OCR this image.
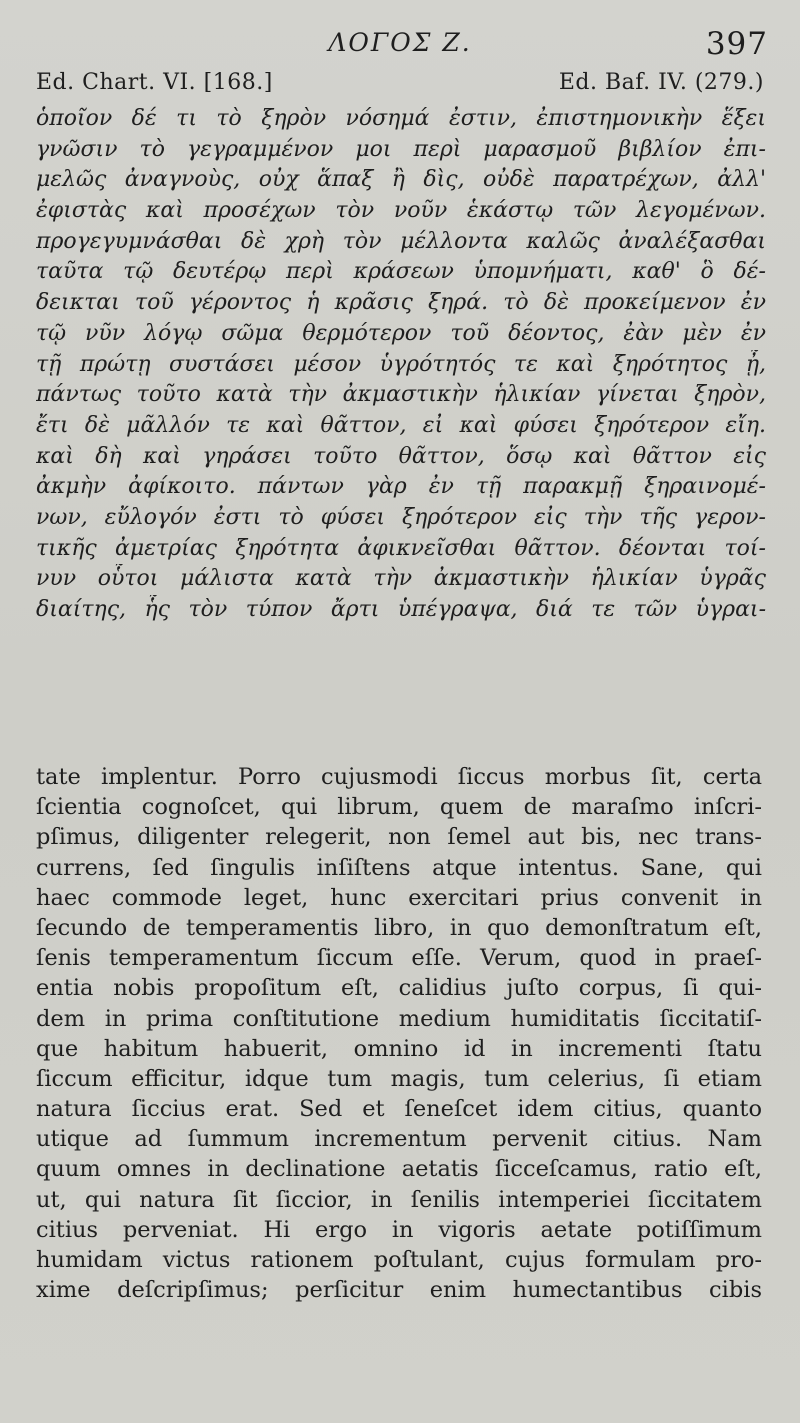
ΛΟΓΟΣ Ζ.	397
Ed. Chart. VI. [168.]	Ed. Baf. IV. (279.)
ὁποῖον δέ τι τὸ ξηρὸν νόσημά ἐστιν, ἐπιστημονικὴν ἕξει
γνῶσιν τὸ γεγραμμένον μοι περὶ μαρασμοῦ βιβλίον ἐπι-
μελῶς ἀναγνοὺς, οὐχ ἅπαξ ἢ δὶς, οὐδὲ παρατρέχων, ἀλλ'
ἐφιστὰς καὶ προσέχων τὸν νοῦν ἑκάστῳ τῶν λεγομένων.
προγεγυμνάσθαι δὲ χρὴ τὸν μέλλοντα καλῶς ἀναλέξασθαι
ταῦτα τῷ δευτέρῳ περὶ κράσεων ὑπομνήματι, καθ' ὃ δέ-
δεικται τοῦ γέροντος ἡ κρᾶσις ξηρά. τὸ δὲ προκείμενον ἐν
τῷ νῦν λόγῳ σῶμα θερμότερον τοῦ δέοντος, ἐὰν μὲν ἐν
τῇ πρώτῃ συστάσει μέσον ὑγρότητός τε καὶ ξηρότητος ᾖ,
πάντως τοῦτο κατὰ τὴν ἀκμαστικὴν ἡλικίαν γίνεται ξηρὸν,
ἔτι δὲ μᾶλλόν τε καὶ θᾶττον, εἰ καὶ φύσει ξηρότερον εἴη.
καὶ δὴ καὶ γηράσει τοῦτο θᾶττον, ὅσῳ καὶ θᾶττον εἰς
ἀκμὴν ἀφίκοιτο. πάντων γὰρ ἐν τῇ παρακμῇ ξηραινομέ-
νων, εὔλογόν ἐστι τὸ φύσει ξηρότερον εἰς τὴν τῆς γερον-
τικῆς ἀμετρίας ξηρότητα ἀφικνεῖσθαι θᾶττον. δέονται τοί-
νυν οὗτοι μάλιστα κατὰ τὴν ἀκμαστικὴν ἡλικίαν ὑγρᾶς
διαίτης, ἧς τὸν τύπον ἄρτι ὑπέγραψα, διά τε τῶν ὑγραι-
tate implentur. Porro cujusmodi ſiccus morbus ſit, certa
ſcientia cognoſcet, qui librum, quem de maraſmo inſcri-
pſimus, diligenter relegerit, non ſemel aut bis, nec trans-
currens, ſed ſingulis inſiſtens atque intentus. Sane, qui
haec commode leget, hunc exercitari prius convenit in
ſecundo de temperamentis libro, in quo demonſtratum eſt,
ſenis temperamentum ſiccum eſſe. Verum, quod in praeſ-
entia nobis propoſitum eſt, calidius juſto corpus, ſi qui-
dem in prima conſtitutione medium humiditatis ſiccitatiſ-
que habitum habuerit, omnino id in incrementi ſtatu
ſiccum efficitur, idque tum magis, tum celerius, ſi etiam
natura ſiccius erat. Sed et ſeneſcet idem citius, quanto
utique ad ſummum incrementum pervenit citius. Nam
quum omnes in declinatione aetatis ſicceſcamus, ratio eſt,
ut, qui natura ſit ſiccior, in ſenilis intemperiei ſiccitatem
citius perveniat. Hi ergo in vigoris aetate potiſſimum
humidam victus rationem poſtulant, cujus formulam pro-
xime deſcripſimus; perſicitur enim humectantibus cibis
